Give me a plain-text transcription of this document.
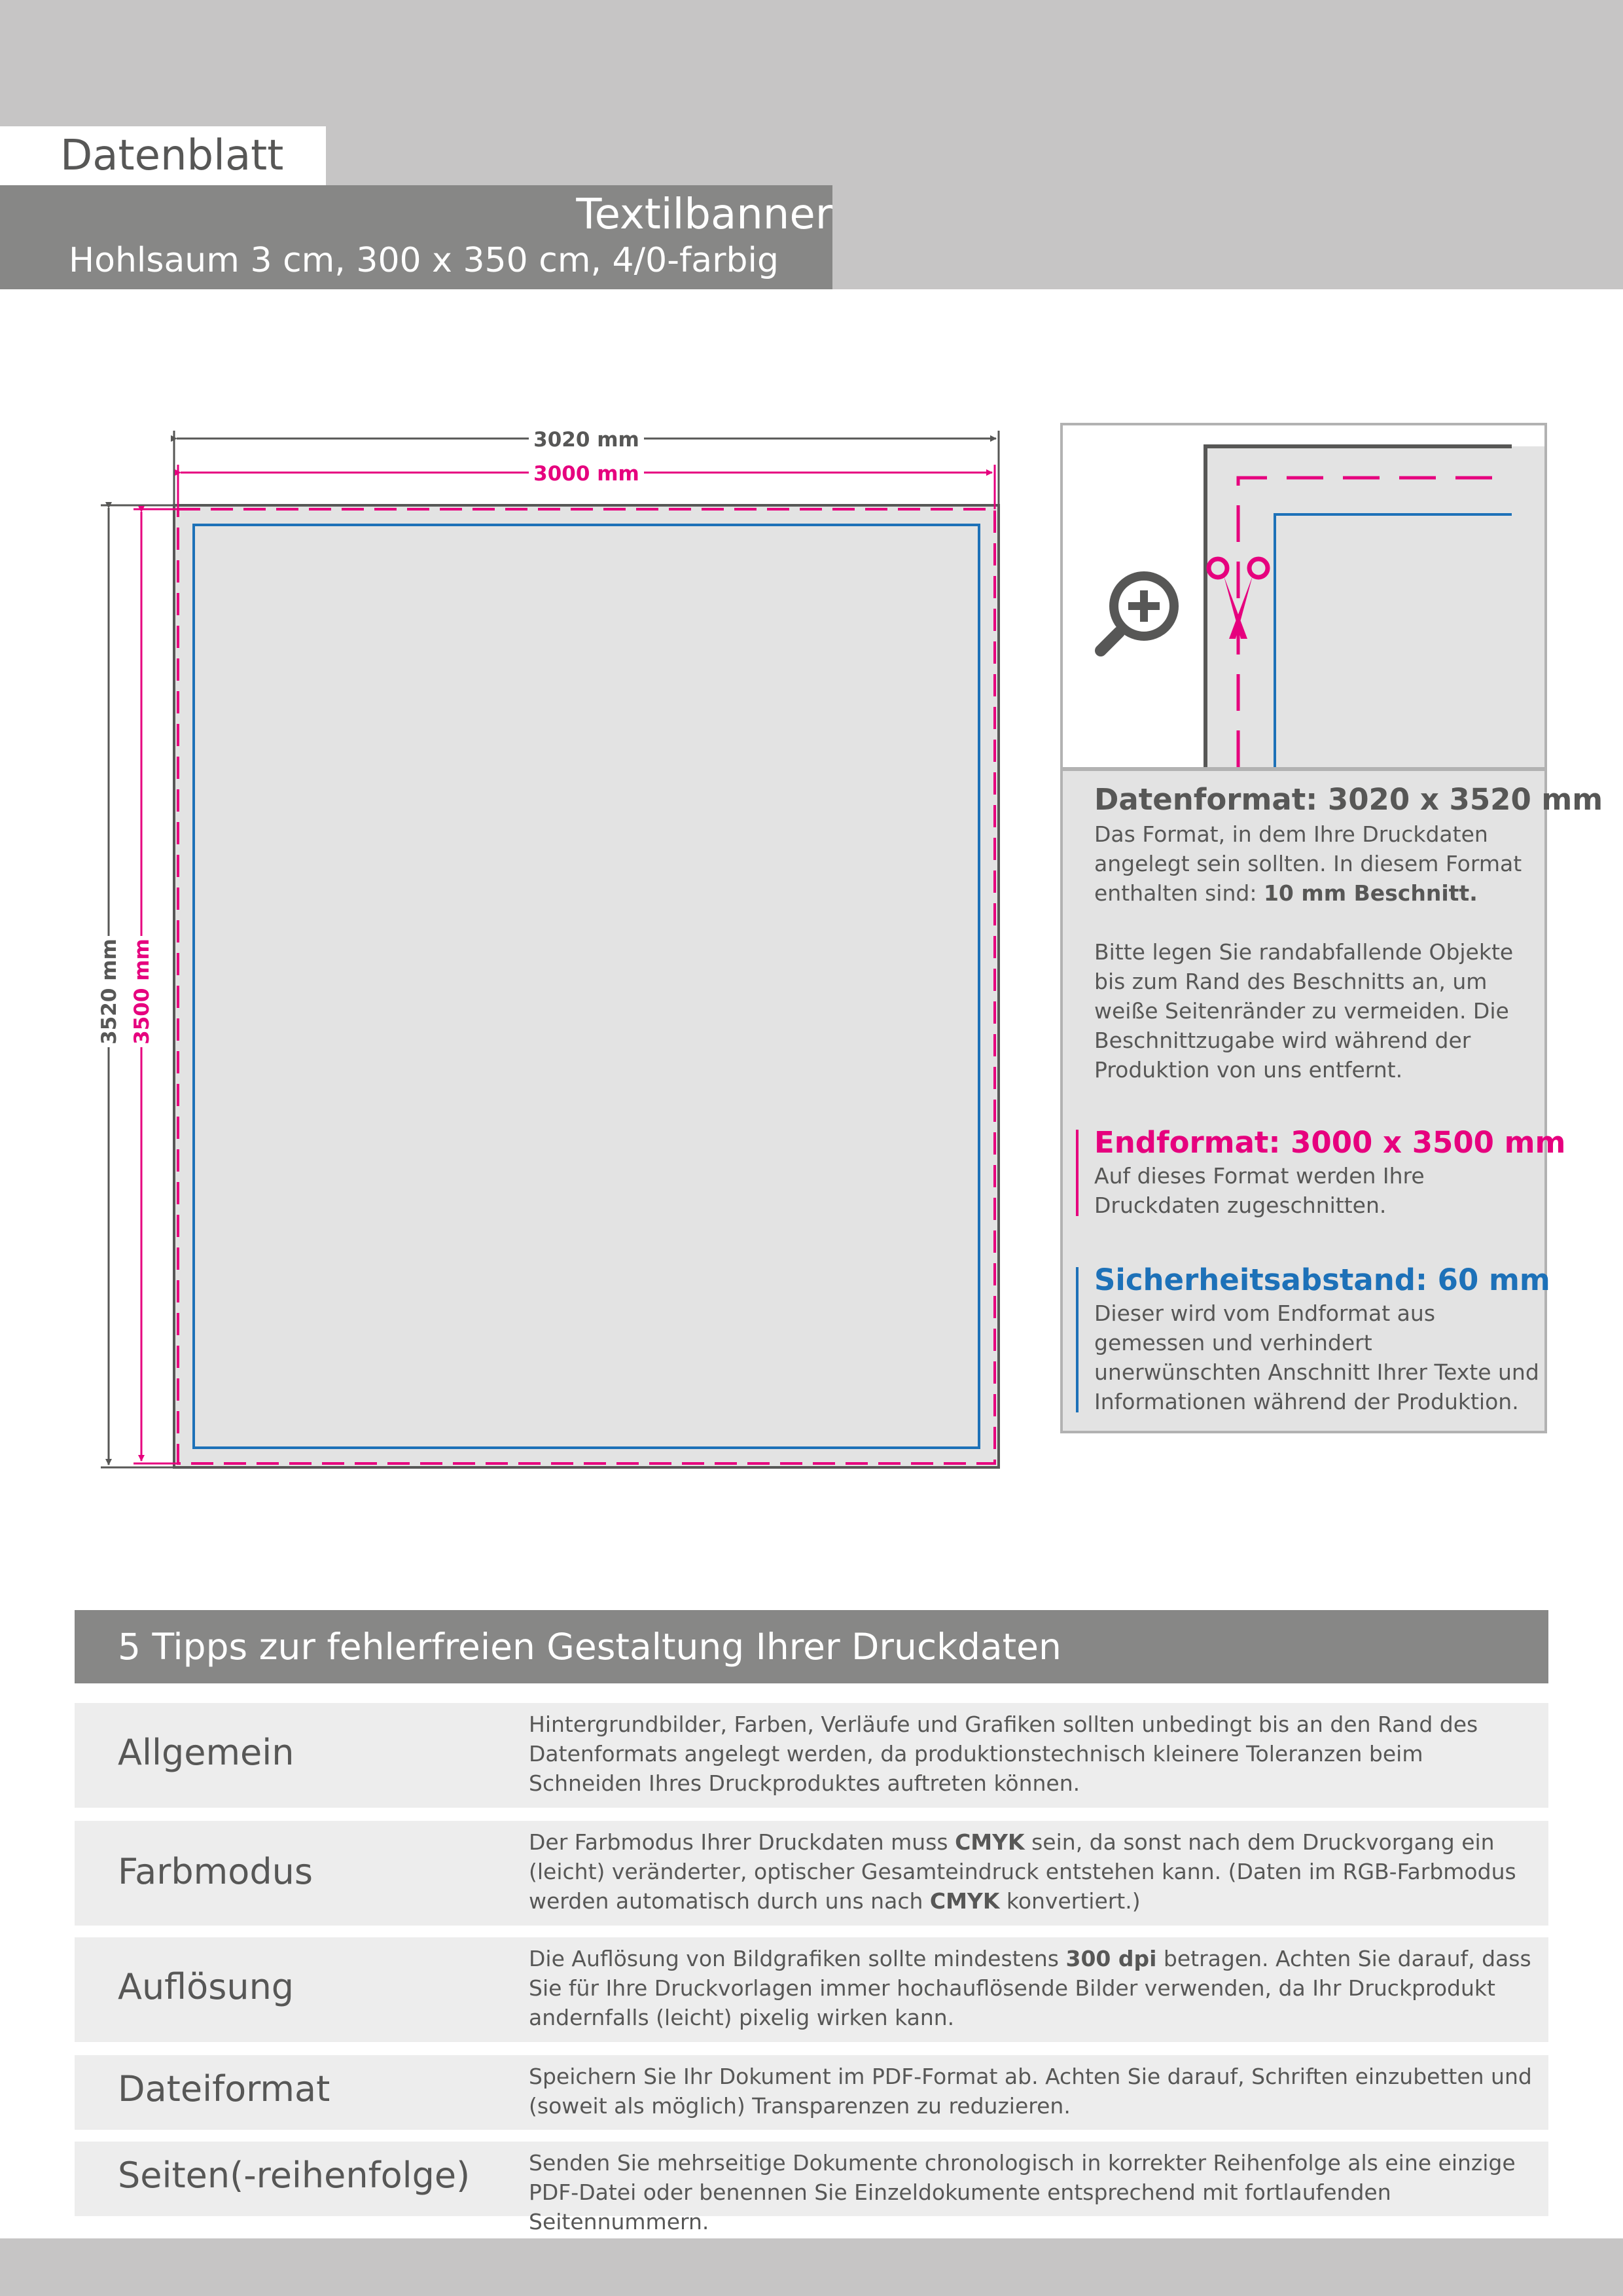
Datenblatt
Textilbanner
Hohlsaum 3 cm, 300 x 350 cm, 4/0-farbig
3020 mm
3000 mm
3520 mm 3500 mm
Datenformat: 3020 x 3520 mm
Das Format, in dem Ihre Druckdaten angelegt sein sollten. In diesem Format enthalten sind: 10 mm Beschnitt.
Bitte legen Sie randabfallende Objekte bis zum Rand des Beschnitts an, um weiße Seitenränder zu vermeiden. Die Beschnittzugabe wird während der Produktion von uns entfernt.
Endformat: 3000 x 3500 mm
Auf dieses Format werden Ihre Druckdaten zugeschnitten.
Sicherheitsabstand: 60 mm
Dieser wird vom Endformat aus gemessen und verhindert unerwünschten Anschnitt Ihrer Texte und Informationen während der Produktion.
5 Tipps zur fehlerfreien Gestaltung Ihrer Druckdaten
Allgemein
Hintergrundbilder, Farben, Verläufe und Grafiken sollten unbedingt bis an den Rand des Datenformats angelegt werden, da produktionstechnisch kleinere Toleranzen beim Schneiden Ihres Druckproduktes auftreten können.
Farbmodus
Der Farbmodus Ihrer Druckdaten muss CMYK sein, da sonst nach dem Druckvorgang ein (leicht) veränderter, optischer Gesamteindruck entstehen kann. (Daten im RGB-Farbmodus werden automatisch durch uns nach CMYK konvertiert.)
Auflösung
Die Auflösung von Bildgrafiken sollte mindestens 300 dpi betragen. Achten Sie darauf, dass Sie für Ihre Druckvorlagen immer hochauflösende Bilder verwenden, da Ihr Druckprodukt andernfalls (leicht) pixelig wirken kann.
Dateiformat	Speichern Sie Ihr Dokument im PDF-Format ab. Achten Sie darauf, Schriften einzubetten und (soweit als möglich) Transparenzen zu reduzieren.
Seiten(-reihenfolge)	Senden Sie mehrseitige Dokumente chronologisch in korrekter Reihenfolge als eine einzige PDF-Datei oder benennen Sie Einzeldokumente entsprechend mit fortlaufenden Seitennummern.
